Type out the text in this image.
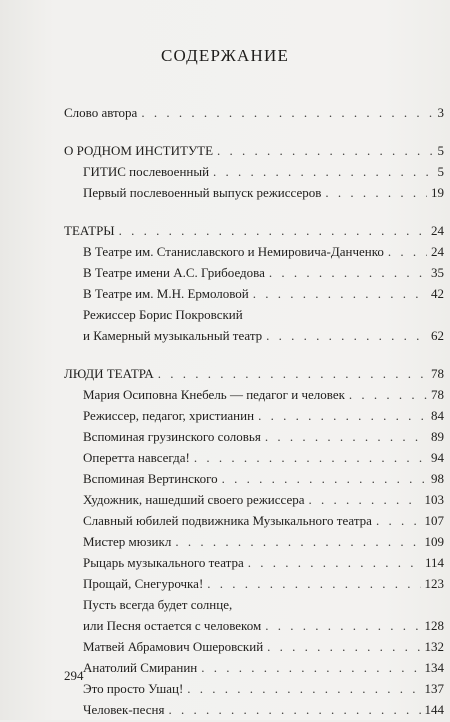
СОДЕРЖАНИЕ
Слово автора . . .	3
О РОДНОМ ИНСТИТУТЕ . . .	5
ГИТИС послевоенный . . .	5
Первый послевоенный выпуск режиссеров . . .	19
ТЕАТРЫ . . .	24
В Театре им. Станиславского и Немировича-Данченко . . .	24
В Театре имени А.С. Грибоедова . . .	35
В Театре им. М.Н. Ермоловой . . .	42
Режиссер Борис Покровский
и Камерный музыкальный театр . . .	62
ЛЮДИ ТЕАТРА . . .	78
Мария Осиповна Кнебель — педагог и человек . . .	78
Режиссер, педагог, христианин . . .	84
Вспоминая грузинского соловья . . .	89
Оперетта навсегда! . . .	94
Вспоминая Вертинского . . .	98
Художник, нашедший своего режиссера . . .	103
Славный юбилей подвижника Музыкального театра . . .	107
Мистер мюзикл . . .	109
Рыцарь музыкального театра . . .	114
Прощай, Снегурочка! . . .	123
Пусть всегда будет солнце,
или Песня остается с человеком . . .	128
Матвей Абрамович Ошеровский . . .	132
Анатолий Смиранин . . .	134
Это просто Ушац! . . .	137
Человек-песня . . .	144
294
